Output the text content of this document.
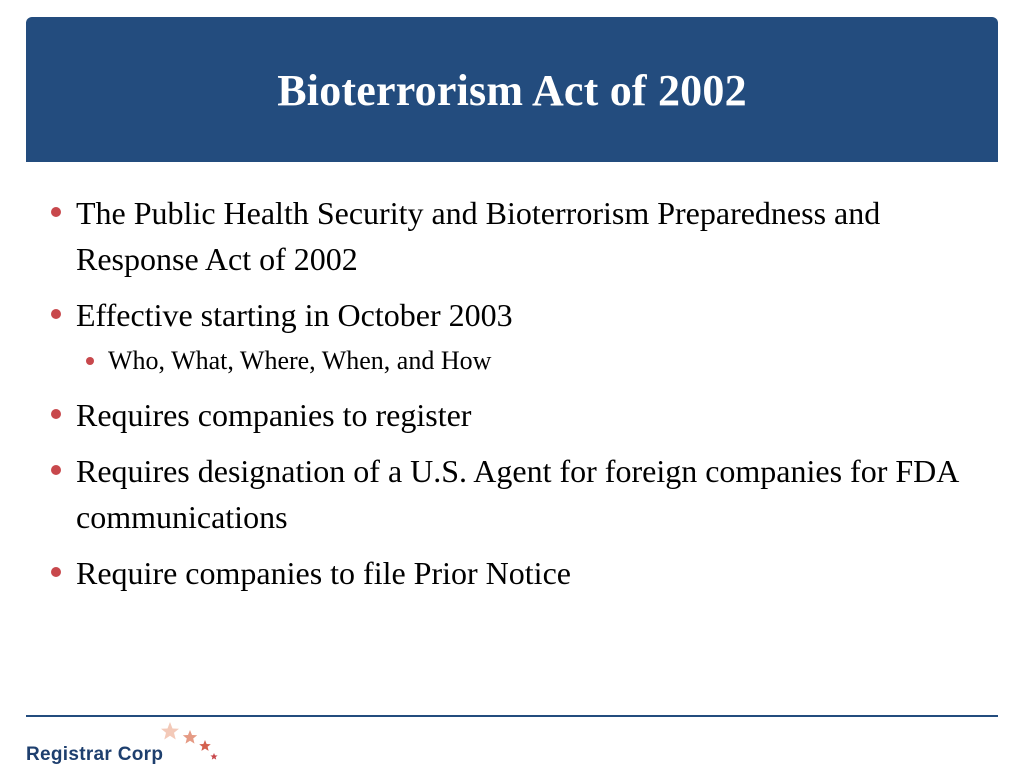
Bioterrorism Act of 2002
The Public Health Security and Bioterrorism Preparedness and Response Act of 2002
Effective starting in October 2003
Who, What, Where, When, and How
Requires companies to register
Requires designation of a U.S. Agent for foreign companies for FDA communications
Require companies to file Prior Notice
Registrar Corp
